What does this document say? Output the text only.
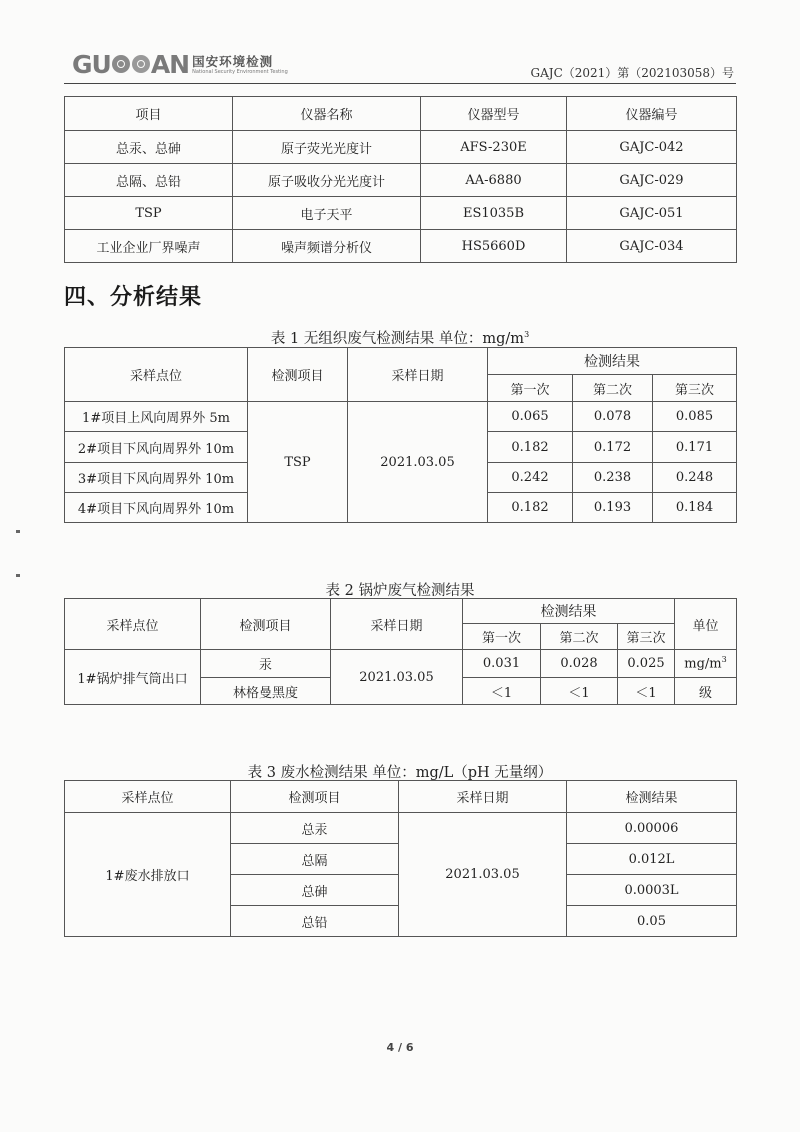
GU AN 国安环境检测
National Security Environment Testing	GAJC（2021）第（202103058）号
项目	仪器名称	仪器型号	仪器编号
总汞、总砷	原子荧光光度计	AFS-230E	GAJC-042
总隔、总铅	原子吸收分光光度计	AA-6880	GAJC-029
TSP	电子天平	ES1035B	GAJC-051
工业企业厂界噪声	噪声频谱分析仪	HS5660D	GAJC-034
四、分析结果
表 1 无组织废气检测结果 单位：$mg/m^3$
采样点位	检测项目	采样日期	检测结果		
			第一次	第二次	第三次
1#项目上风向周界外 5m	TSP	2021.03.05	0.065	0.078	0.085
2#项目下风向周界外 10m			0.182	0.172	0.171
3#项目下风向周界外 10m			0.242	0.238	0.248
4#项目下风向周界外 10m			0.182	0.193	0.184
表 2 锅炉废气检测结果
采样点位	检测项目	采样日期	检测结果			单位
			第一次	第二次	第三次	
1#锅炉排气筒出口	汞	2021.03.05	0.031	0.028	0.025	$mg/m^3$
	林格曼黑度		＜1	＜1	＜1	级
表 3 废水检测结果 单位：mg/L（pH 无量纲）
采样点位	检测项目	采样日期	检测结果
1#废水排放口	总汞	2021.03.05	0.00006
	总隔		0.012L
	总砷		0.0003L
	总铅		0.05
4 / 6
